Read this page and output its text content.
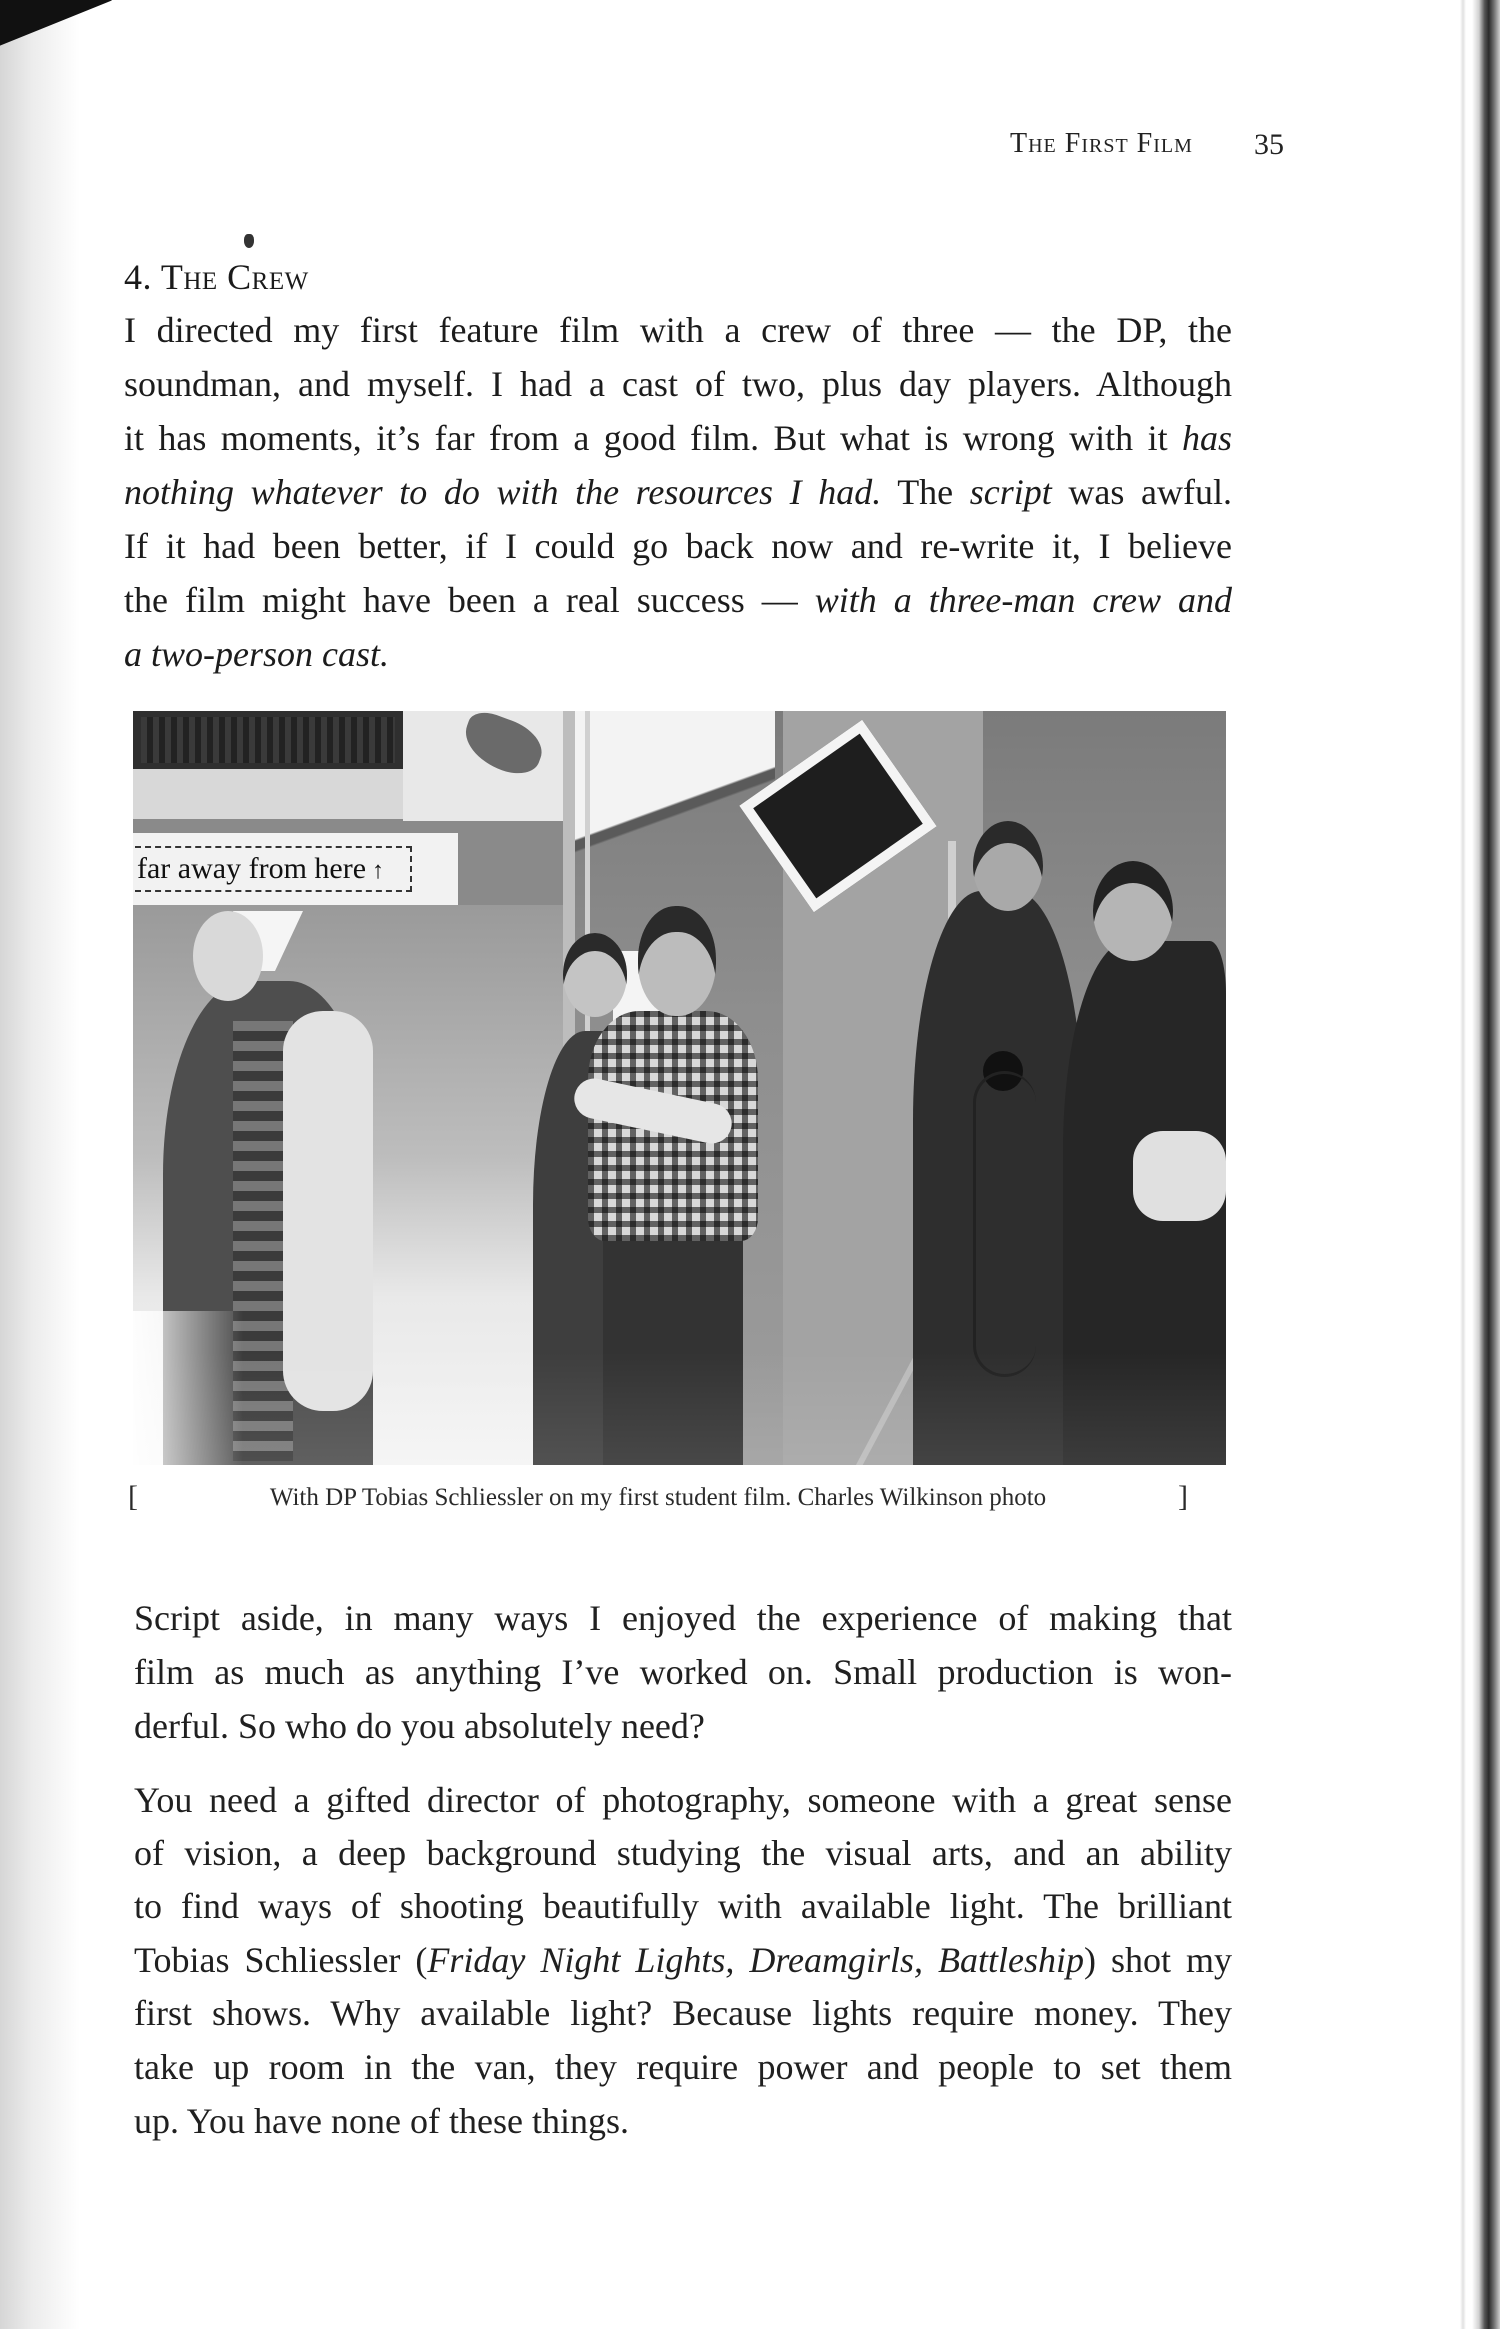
The First Film 35
4. The Crew
I directed my first feature film with a crew of three — the DP, the
soundman, and myself. I had a cast of two, plus day players. Although
it has moments, it’s far from a good film. But what is wrong with it has
nothing whatever to do with the resources I had. The script was awful.
If it had been better, if I could go back now and re-write it, I believe
the film might have been a real success — with a three-man crew and
a two-person cast.
far away from here ↑
[	With DP Tobias Schliessler on my first student film. Charles Wilkinson photo	]
Script aside, in many ways I enjoyed the experience of making that
film as much as anything I’ve worked on. Small production is won-
derful. So who do you absolutely need?
You need a gifted director of photography, someone with a great sense
of vision, a deep background studying the visual arts, and an ability
to find ways of shooting beautifully with available light. The brilliant
Tobias Schliessler (Friday Night Lights, Dreamgirls, Battleship) shot my
first shows. Why available light? Because lights require money. They
take up room in the van, they require power and people to set them
up. You have none of these things.
